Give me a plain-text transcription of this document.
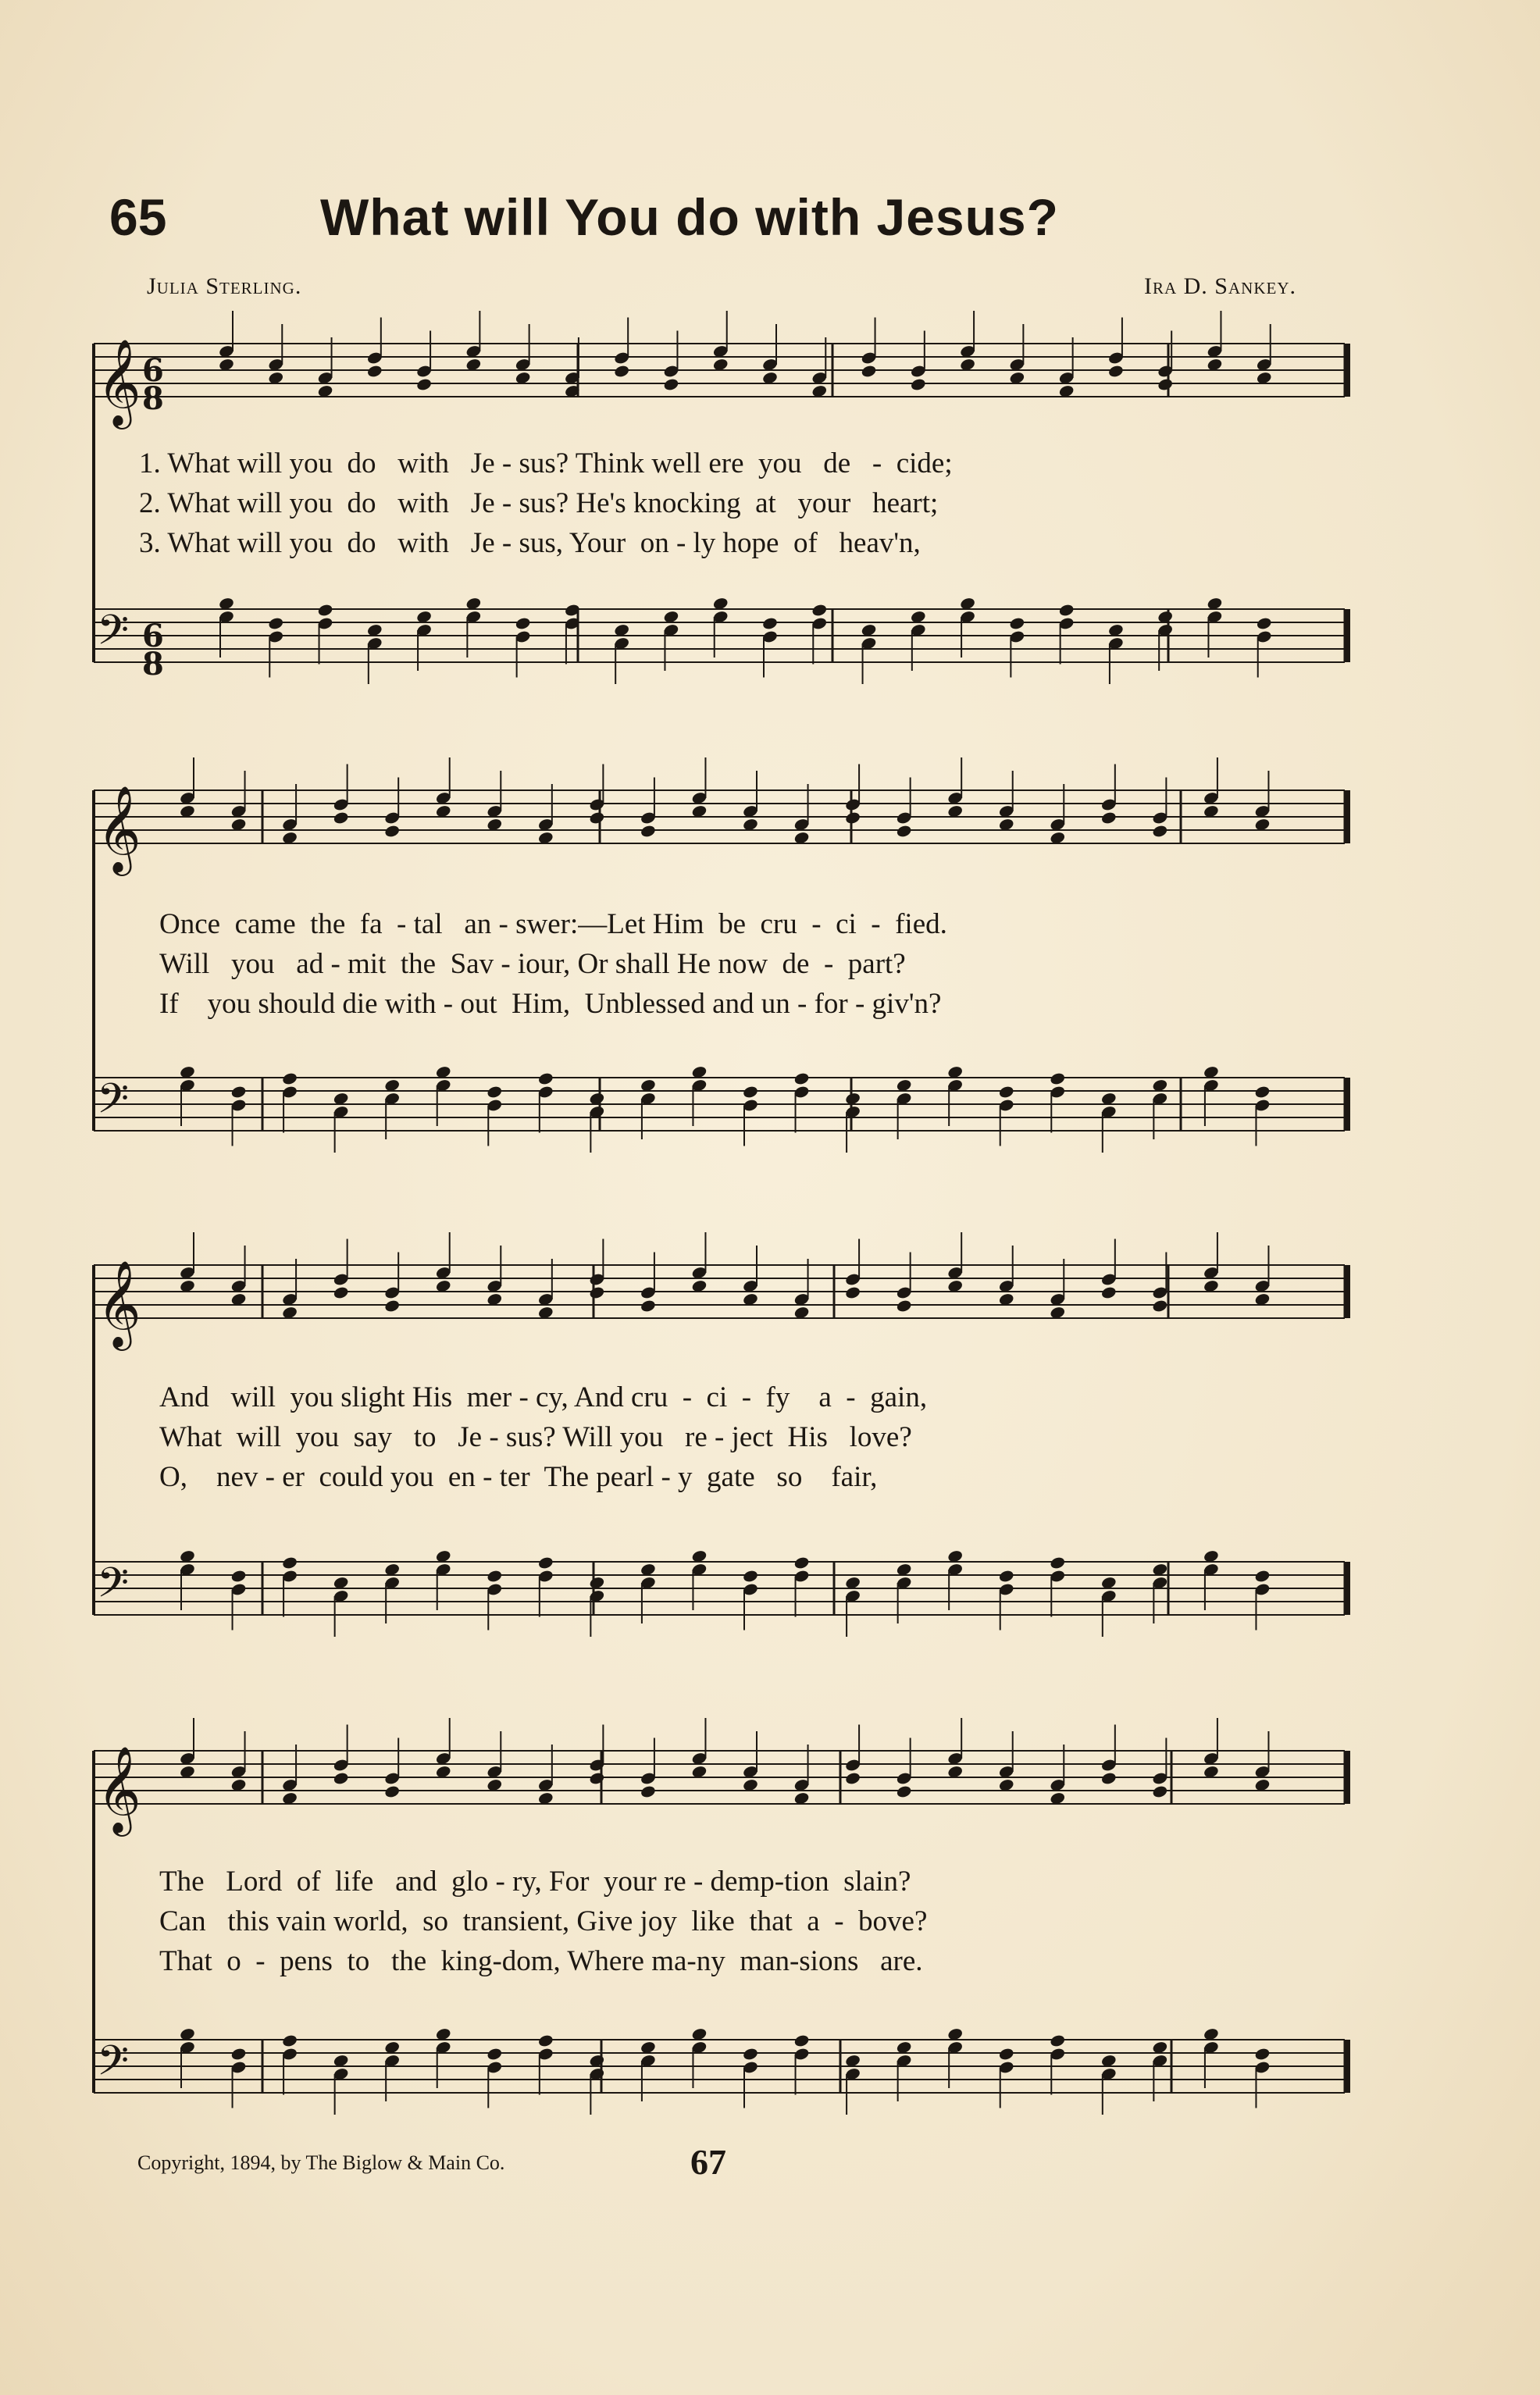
65	What will You do with Jesus?
Julia Sterling.	Ira D. Sankey.
𝄞
𝄢
𝄞
𝄢
𝄞
𝄢
𝄞
𝄢
6
8
6
8
1. What will you  do   with   Je - sus? Think well ere  you   de   -  cide;
2. What will you  do   with   Je - sus? He's knocking  at   your   heart;
3. What will you  do   with   Je - sus, Your  on - ly hope  of   heav'n,
Once  came  the  fa  - tal   an - swer:—Let Him  be  cru  -  ci  -  fied.
Will   you   ad - mit  the  Sav - iour, Or shall He now  de  -  part?
If    you should die with - out  Him,  Unblessed and un - for - giv'n?
And   will  you slight His  mer - cy, And cru  -  ci  -  fy    a  -  gain,
What  will  you  say   to   Je - sus? Will you   re - ject  His   love?
O,    nev - er  could you  en - ter  The pearl - y  gate   so    fair,
The   Lord  of  life   and  glo - ry, For  your re - demp-tion  slain?
Can   this vain world,  so  transient, Give joy  like  that  a  -  bove?
That  o  -  pens  to   the  king-dom, Where ma-ny  man-sions   are.
Copyright, 1894, by The Biglow & Main Co.	67
